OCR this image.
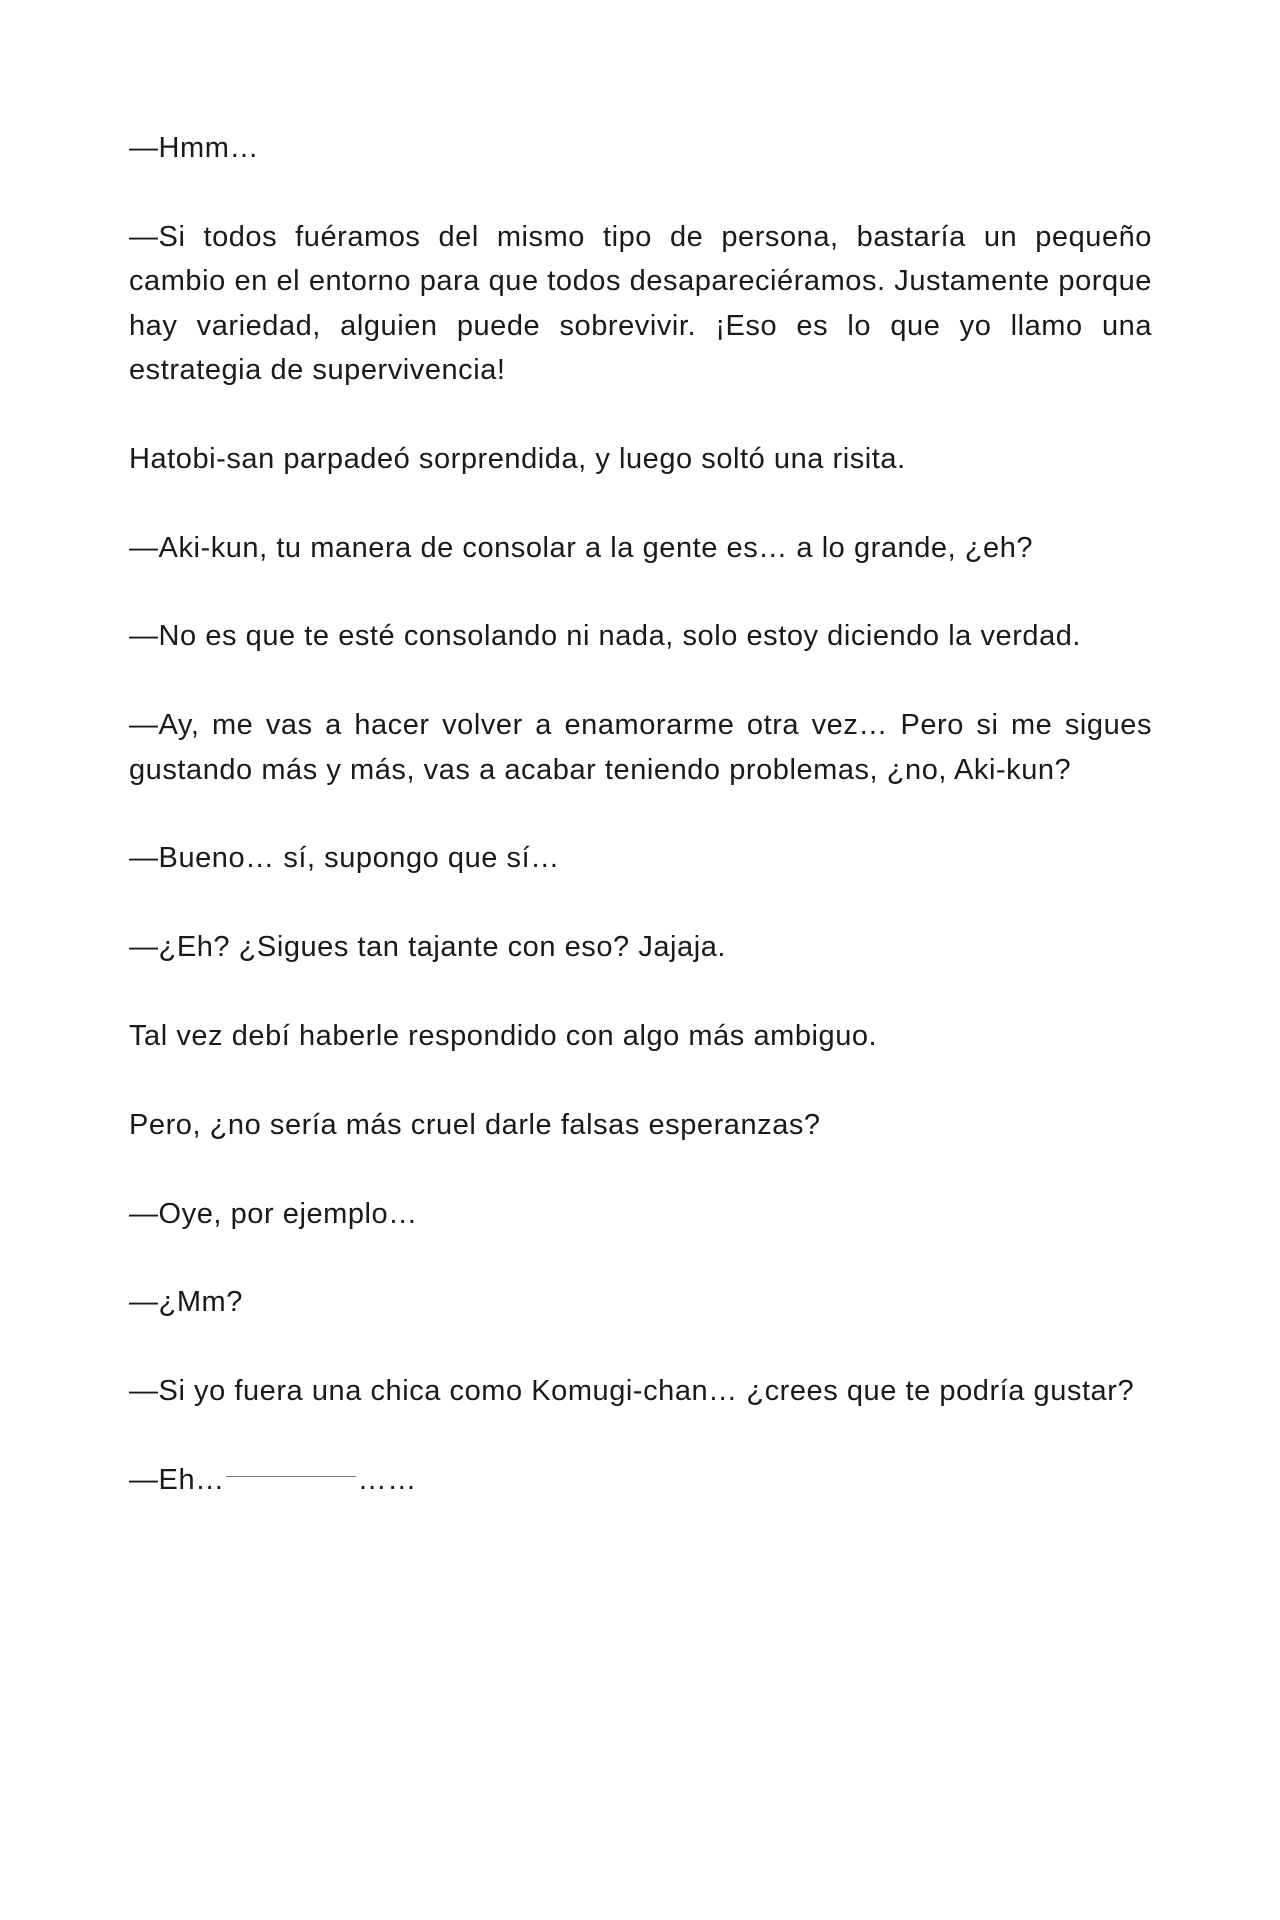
—Hmm…

—Si todos fuéramos del mismo tipo de persona, bastaría un pequeño cambio en el entorno para que todos desapareciéramos. Justamente porque hay variedad, alguien puede sobrevivir. ¡Eso es lo que yo llamo una estrategia de supervivencia!

Hatobi-san parpadeó sorprendida, y luego soltó una risita.

—Aki-kun, tu manera de consolar a la gente es… a lo grande, ¿eh?

—No es que te esté consolando ni nada, solo estoy diciendo la verdad.

—Ay, me vas a hacer volver a enamorarme otra vez… Pero si me sigues gustando más y más, vas a acabar teniendo problemas, ¿no, Aki-kun?

—Bueno… sí, supongo que sí…

—¿Eh? ¿Sigues tan tajante con eso? Jajaja.

Tal vez debí haberle respondido con algo más ambiguo.

Pero, ¿no sería más cruel darle falsas esperanzas?

—Oye, por ejemplo…

—¿Mm?

—Si yo fuera una chica como Komugi-chan… ¿crees que te podría gustar?

—Eh…	……
